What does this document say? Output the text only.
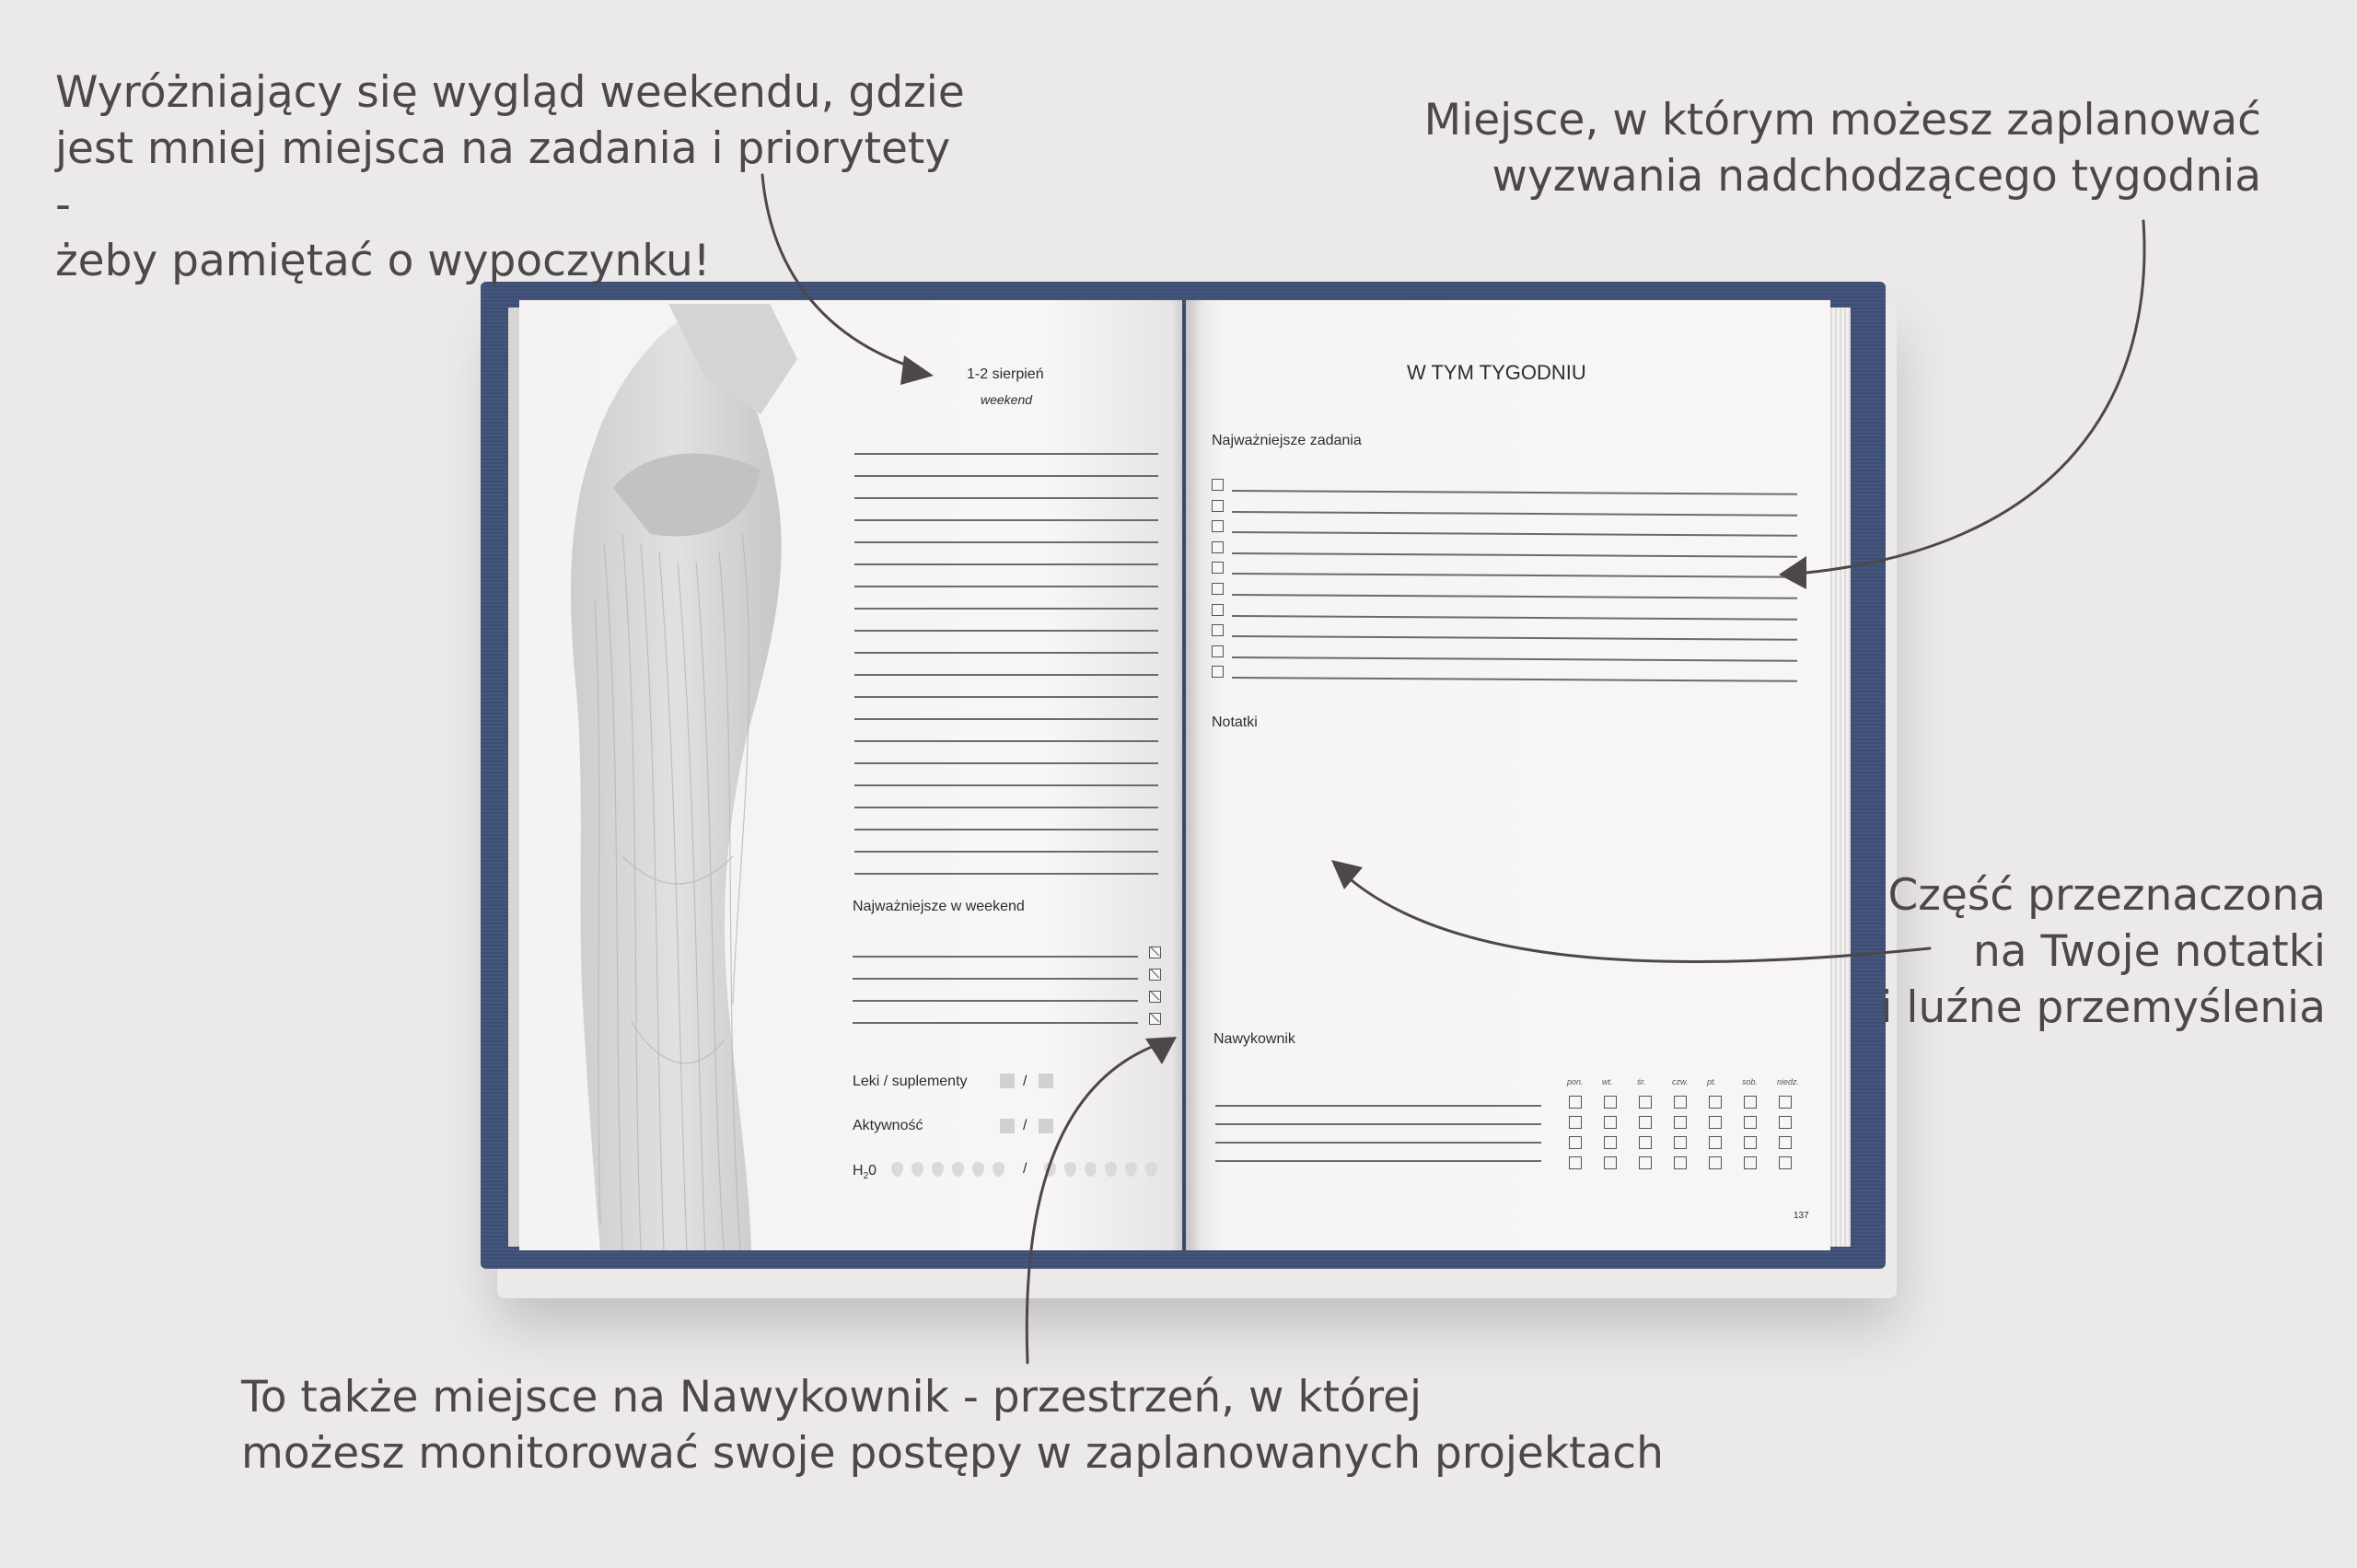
1-2 sierpień
weekend
Najważniejsze w weekend
Leki / suplementy	/
Aktywność	/
$H_20$	/
W TYM TYGODNIU
Najważniejsze zadania
Notatki
Nawykownik
pon. wt.	śr.	czw. pt.	sob. niedz.
137
Wyróżniający się wygląd weekendu, gdzie
jest mniej miejsca na zadania i priorytety -
żeby pamiętać o wypoczynku!
Miejsce, w którym możesz zaplanować
wyzwania nadchodzącego tygodnia
Część przeznaczona
na Twoje notatki
i luźne przemyślenia
To także miejsce na Nawykownik - przestrzeń, w której
możesz monitorować swoje postępy w zaplanowanych projektach
